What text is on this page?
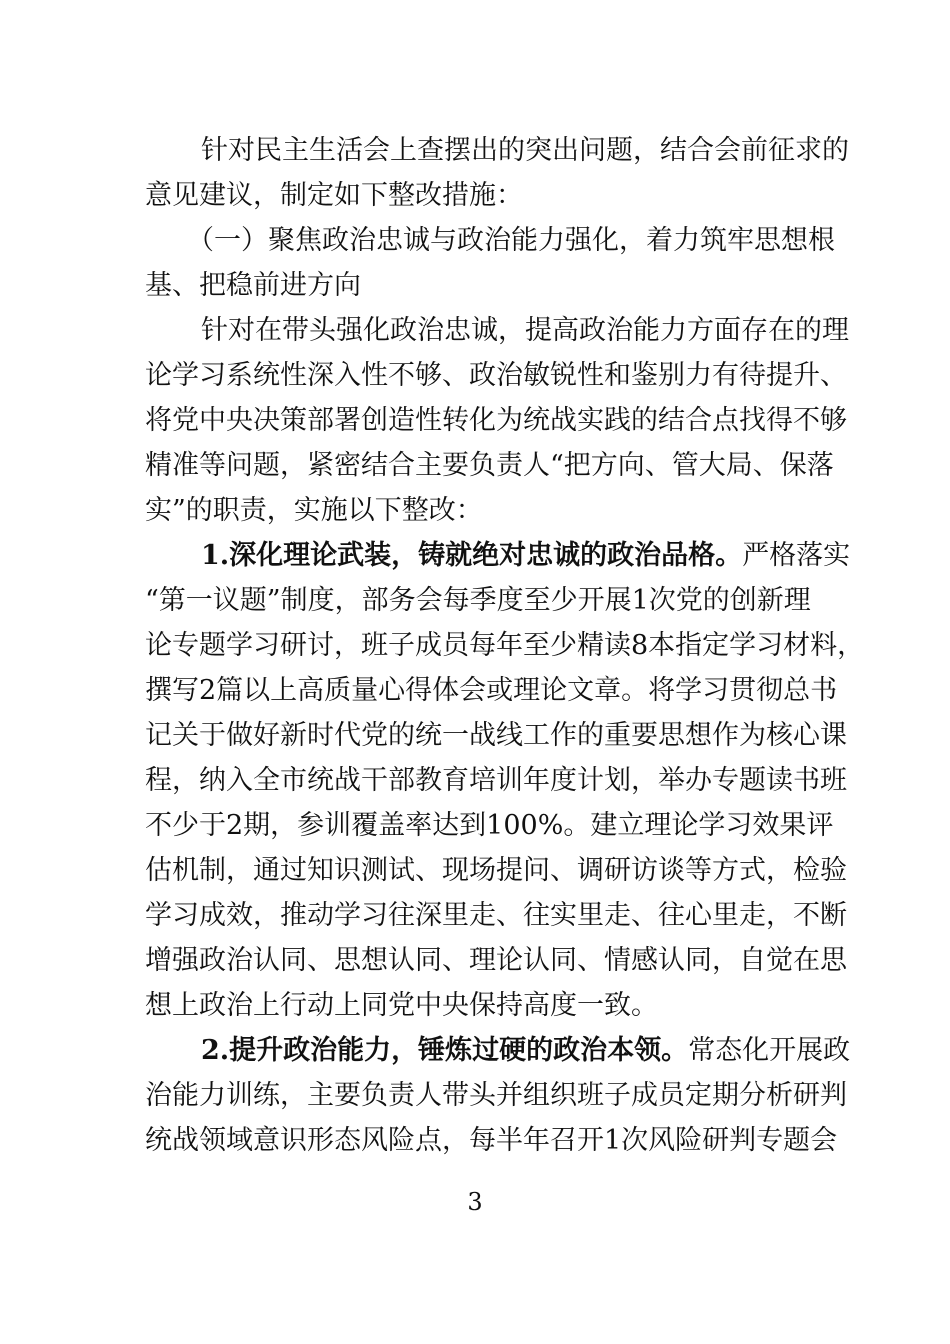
针对民主生活会上查摆出的突出问题，结合会前征求的
意见建议，制定如下整改措施：
（一）聚焦政治忠诚与政治能力强化，着力筑牢思想根
基、把稳前进方向
针对在带头强化政治忠诚，提高政治能力方面存在的理
论学习系统性深入性不够、政治敏锐性和鉴别力有待提升、
将党中央决策部署创造性转化为统战实践的结合点找得不够
精准等问题，紧密结合主要负责人“把方向、管大局、保落
实”的职责，实施以下整改：
1.深化理论武装，铸就绝对忠诚的政治品格。严格落实
“第一议题”制度，部务会每季度至少开展1次党的创新理
论专题学习研讨，班子成员每年至少精读8本指定学习材料，
撰写2篇以上高质量心得体会或理论文章。将学习贯彻总书
记关于做好新时代党的统一战线工作的重要思想作为核心课
程，纳入全市统战干部教育培训年度计划，举办专题读书班
不少于2期，参训覆盖率达到100%。建立理论学习效果评
估机制，通过知识测试、现场提问、调研访谈等方式，检验
学习成效，推动学习往深里走、往实里走、往心里走，不断
增强政治认同、思想认同、理论认同、情感认同，自觉在思
想上政治上行动上同党中央保持高度一致。
2.提升政治能力，锤炼过硬的政治本领。常态化开展政
治能力训练，主要负责人带头并组织班子成员定期分析研判
统战领域意识形态风险点，每半年召开1次风险研判专题会
3
